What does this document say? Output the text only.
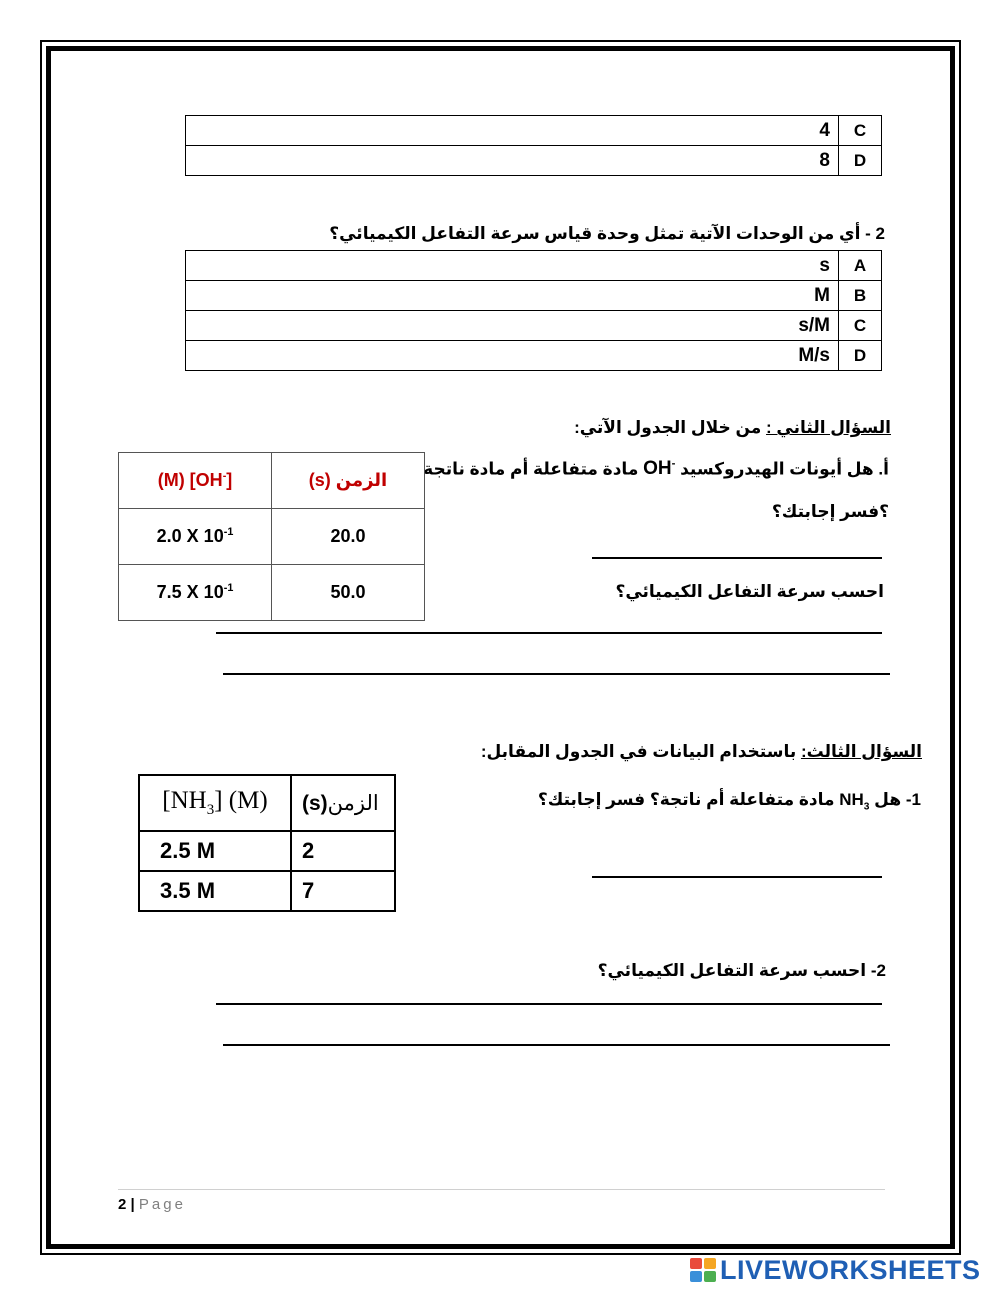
4	C
8	D
2 - أي من الوحدات الآتية تمثل وحدة قياس سرعة التفاعل الكيميائي؟
s	A
M	B
s/M	C
M/s	D
السؤال الثاني : من خلال الجدول الآتي:
أ. هل أيونات الهيدروكسيد OH- مادة متفاعلة أم مادة ناتجة
؟فسر إجابتك؟
احسب سرعة التفاعل الكيميائي؟
(M) [OH-]	الزمن (s)
2.0 X $10^{-1}$	20.0
7.5 X $10^{-1}$	50.0
السؤال الثالث: باستخدام البيانات في الجدول المقابل:
1- هل $NH_3$ مادة متفاعلة أم ناتجة؟ فسر إجابتك؟
2- احسب سرعة التفاعل الكيميائي؟
$[NH_3]$ (M)	(s) الزمن
2.5 M	2
3.5 M	7
2 | Page
LIVEWORKSHEETS
